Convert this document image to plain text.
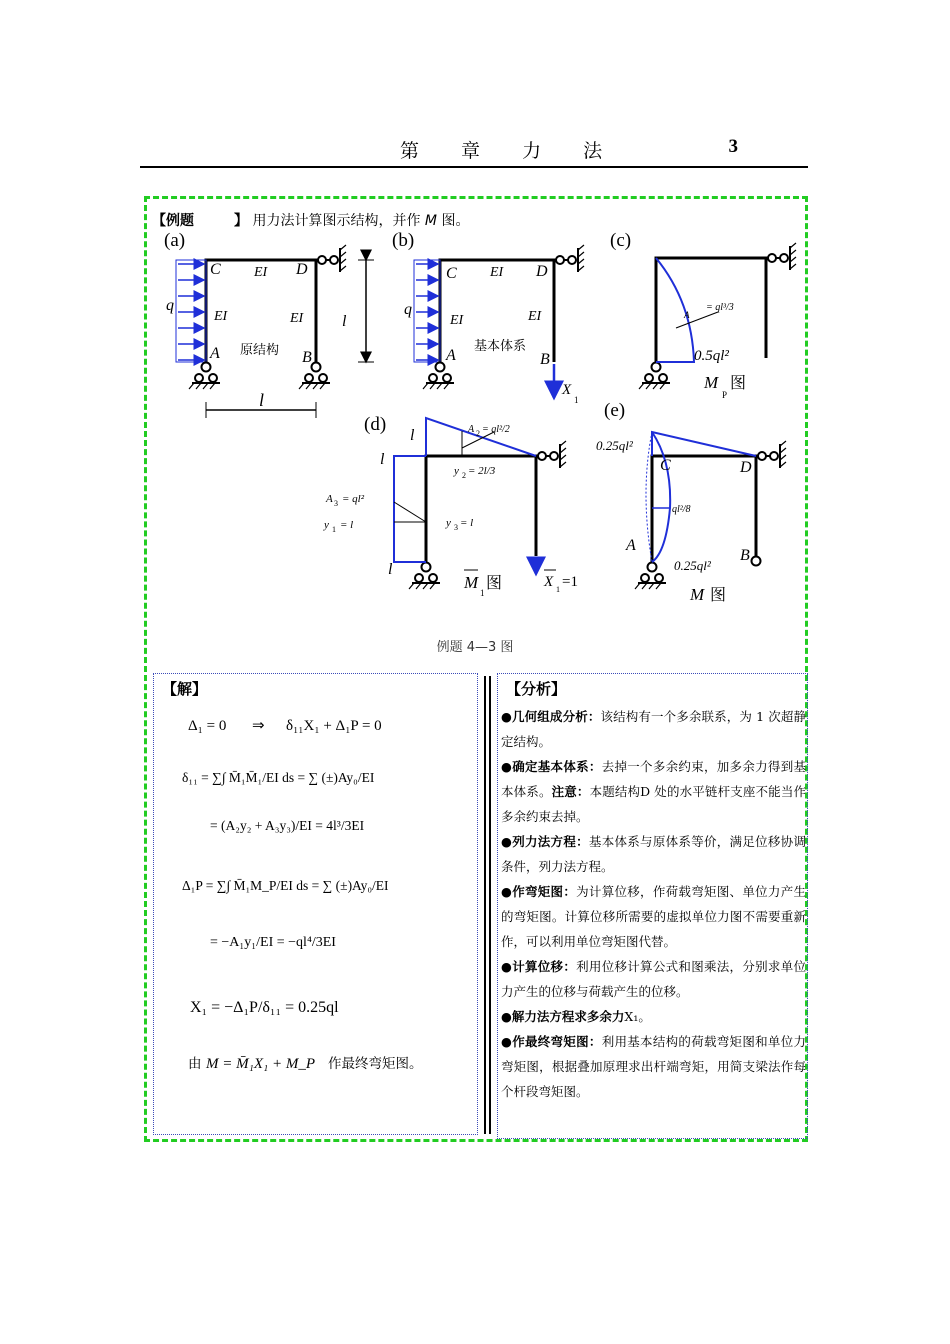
第 章 力 法	3
【例题	】 用力法计算图示结构，并作 M 图。
(a)
C	D
EI
EI	EI
q
A	B
原结构
l
l
(b)
C	D
EI
EI	EI
q
A	B
基本体系
X
1
(c)
A
= ql³/3
0.5ql²
M
P
图
(d)
l
l
l
A 2 = ql²/2
y 2 = 2l/3
A 3 = ql²
y 1 = l	y 3 = l
M
1
图	X 1 =1
(e)
0.25ql²
C	D
ql²/8
A
B
0.25ql²
M 图
例题 4—3 图
【解】
Δ₁ = 0 ⇒ δ₁₁X₁ + Δ₁P = 0
δ₁₁ = ∑∫ M̄₁M̄₁/EI ds = ∑ (±)Ay₀/EI
= (A₂y₂ + A₃y₃)/EI = 4l³/3EI
Δ₁P = ∑∫ M̄₁M_P/EI ds = ∑ (±)Ay₀/EI
= −A₁y₁/EI = −ql⁴/3EI
X₁ = −Δ₁P/δ₁₁ = 0.25ql
由 M = M̄₁X₁ + M_P 作最终弯矩图。
【分析】

●几何组成分析：该结构有一个多余联系，为 1 次超静定结构。

●确定基本体系：去掉一个多余约束，加多余力得到基本体系。注意：本题结构D 处的水平链杆支座不能当作多余约束去掉。

●列力法方程：基本体系与原体系等价，满足位移协调条件，列力法方程。

●作弯矩图：为计算位移，作荷载弯矩图、单位力产生的弯矩图。计算位移所需要的虚拟单位力图不需要重新作，可以利用单位弯矩图代替。

●计算位移：利用位移计算公式和图乘法，分别求单位力产生的位移与荷载产生的位移。

●解力法方程求多余力X₁。

●作最终弯矩图：利用基本结构的荷载弯矩图和单位力弯矩图，根据叠加原理求出杆端弯矩，用简支梁法作每个杆段弯矩图。
